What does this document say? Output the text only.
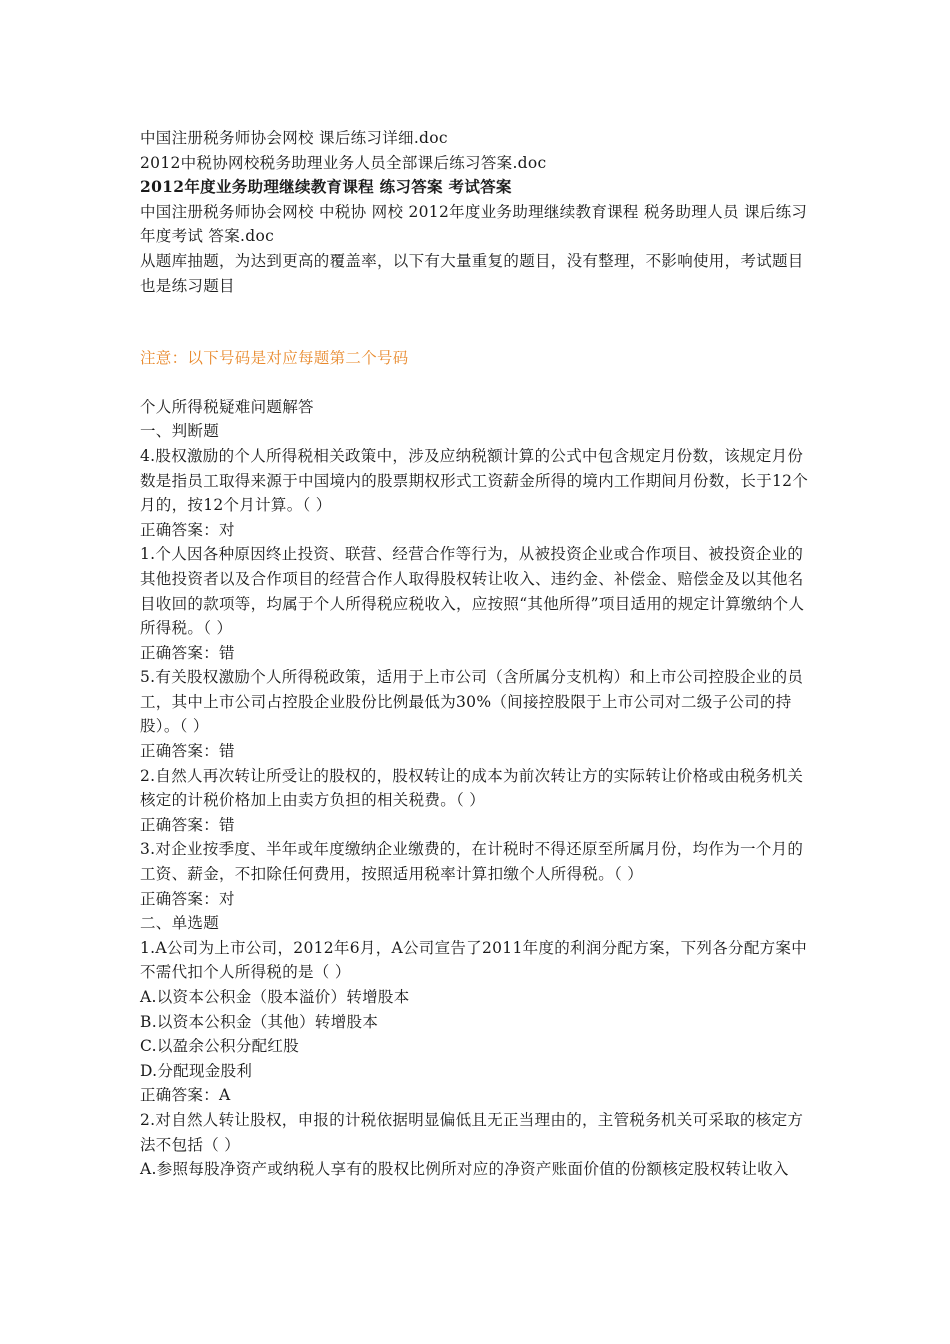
中国注册税务师协会网校 课后练习详细.doc
2012中税协网校税务助理业务人员全部课后练习答案.doc
2012年度业务助理继续教育课程 练习答案 考试答案
中国注册税务师协会网校 中税协 网校 2012年度业务助理继续教育课程 税务助理人员 课后练习 年度考试 答案.doc
从题库抽题，为达到更高的覆盖率，以下有大量重复的题目，没有整理，不影响使用，考试题目也是练习题目
注意：以下号码是对应每题第二个号码
个人所得税疑难问题解答
一、判断题
4.股权激励的个人所得税相关政策中，涉及应纳税额计算的公式中包含规定月份数，该规定月份数是指员工取得来源于中国境内的股票期权形式工资薪金所得的境内工作期间月份数，长于12个月的，按12个月计算。（ ）
正确答案：对
1.个人因各种原因终止投资、联营、经营合作等行为，从被投资企业或合作项目、被投资企业的其他投资者以及合作项目的经营合作人取得股权转让收入、违约金、补偿金、赔偿金及以其他名目收回的款项等，均属于个人所得税应税收入，应按照“其他所得”项目适用的规定计算缴纳个人所得税。（ ）
正确答案：错
5.有关股权激励个人所得税政策，适用于上市公司（含所属分支机构）和上市公司控股企业的员工，其中上市公司占控股企业股份比例最低为30%（间接控股限于上市公司对二级子公司的持股）。（ ）
正确答案：错
2.自然人再次转让所受让的股权的，股权转让的成本为前次转让方的实际转让价格或由税务机关核定的计税价格加上由卖方负担的相关税费。（ ）
正确答案：错
3.对企业按季度、半年或年度缴纳企业缴费的，在计税时不得还原至所属月份，均作为一个月的工资、薪金，不扣除任何费用，按照适用税率计算扣缴个人所得税。（ ）
正确答案：对
二、单选题
1.A公司为上市公司，2012年6月，A公司宣告了2011年度的利润分配方案，下列各分配方案中不需代扣个人所得税的是（ ）
A.以资本公积金（股本溢价）转增股本
B.以资本公积金（其他）转增股本
C.以盈余公积分配红股
D.分配现金股利
正确答案：A
2.对自然人转让股权，申报的计税依据明显偏低且无正当理由的，主管税务机关可采取的核定方法不包括（ ）
A.参照每股净资产或纳税人享有的股权比例所对应的净资产账面价值的份额核定股权转让收入
